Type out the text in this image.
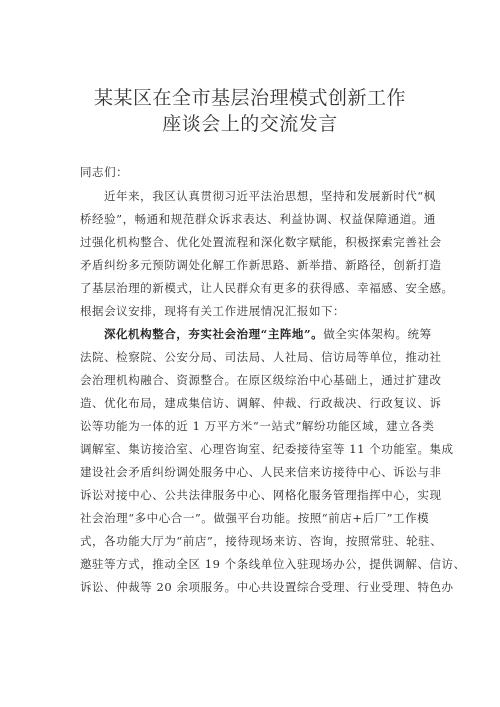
某某区在全市基层治理模式创新工作
座谈会上的交流发言
同志们：
近年来，我区认真贯彻习近平法治思想，坚持和发展新时代“枫
桥经验”，畅通和规范群众诉求表达、利益协调、权益保障通道。通
过强化机构整合、优化处置流程和深化数字赋能，积极探索完善社会
矛盾纠纷多元预防调处化解工作新思路、新举措、新路径，创新打造
了基层治理的新模式，让人民群众有更多的获得感、幸福感、安全感。
根据会议安排，现将有关工作进展情况汇报如下：
深化机构整合，夯实社会治理“主阵地”。做全实体架构。统筹
法院、检察院、公安分局、司法局、人社局、信访局等单位，推动社
会治理机构融合、资源整合。在原区级综治中心基础上，通过扩建改
造、优化布局，建成集信访、调解、仲裁、行政裁决、行政复议、诉
讼等功能为一体的近 1 万平方米“一站式”解纷功能区域，建立各类
调解室、集访接洽室、心理咨询室、纪委接待室等 11 个功能室。集成
建设社会矛盾纠纷调处服务中心、人民来信来访接待中心、诉讼与非
诉讼对接中心、公共法律服务中心、网格化服务管理指挥中心，实现
社会治理“多中心合一”。做强平台功能。按照“前店+后厂”工作模
式，各功能大厅为“前店”，接待现场来访、咨询，按照常驻、轮驻、
邀驻等方式，推动全区 19 个条线单位入驻现场办公，提供调解、信访、
诉讼、仲裁等 20 余项服务。中心共设置综合受理、行业受理、特色办
